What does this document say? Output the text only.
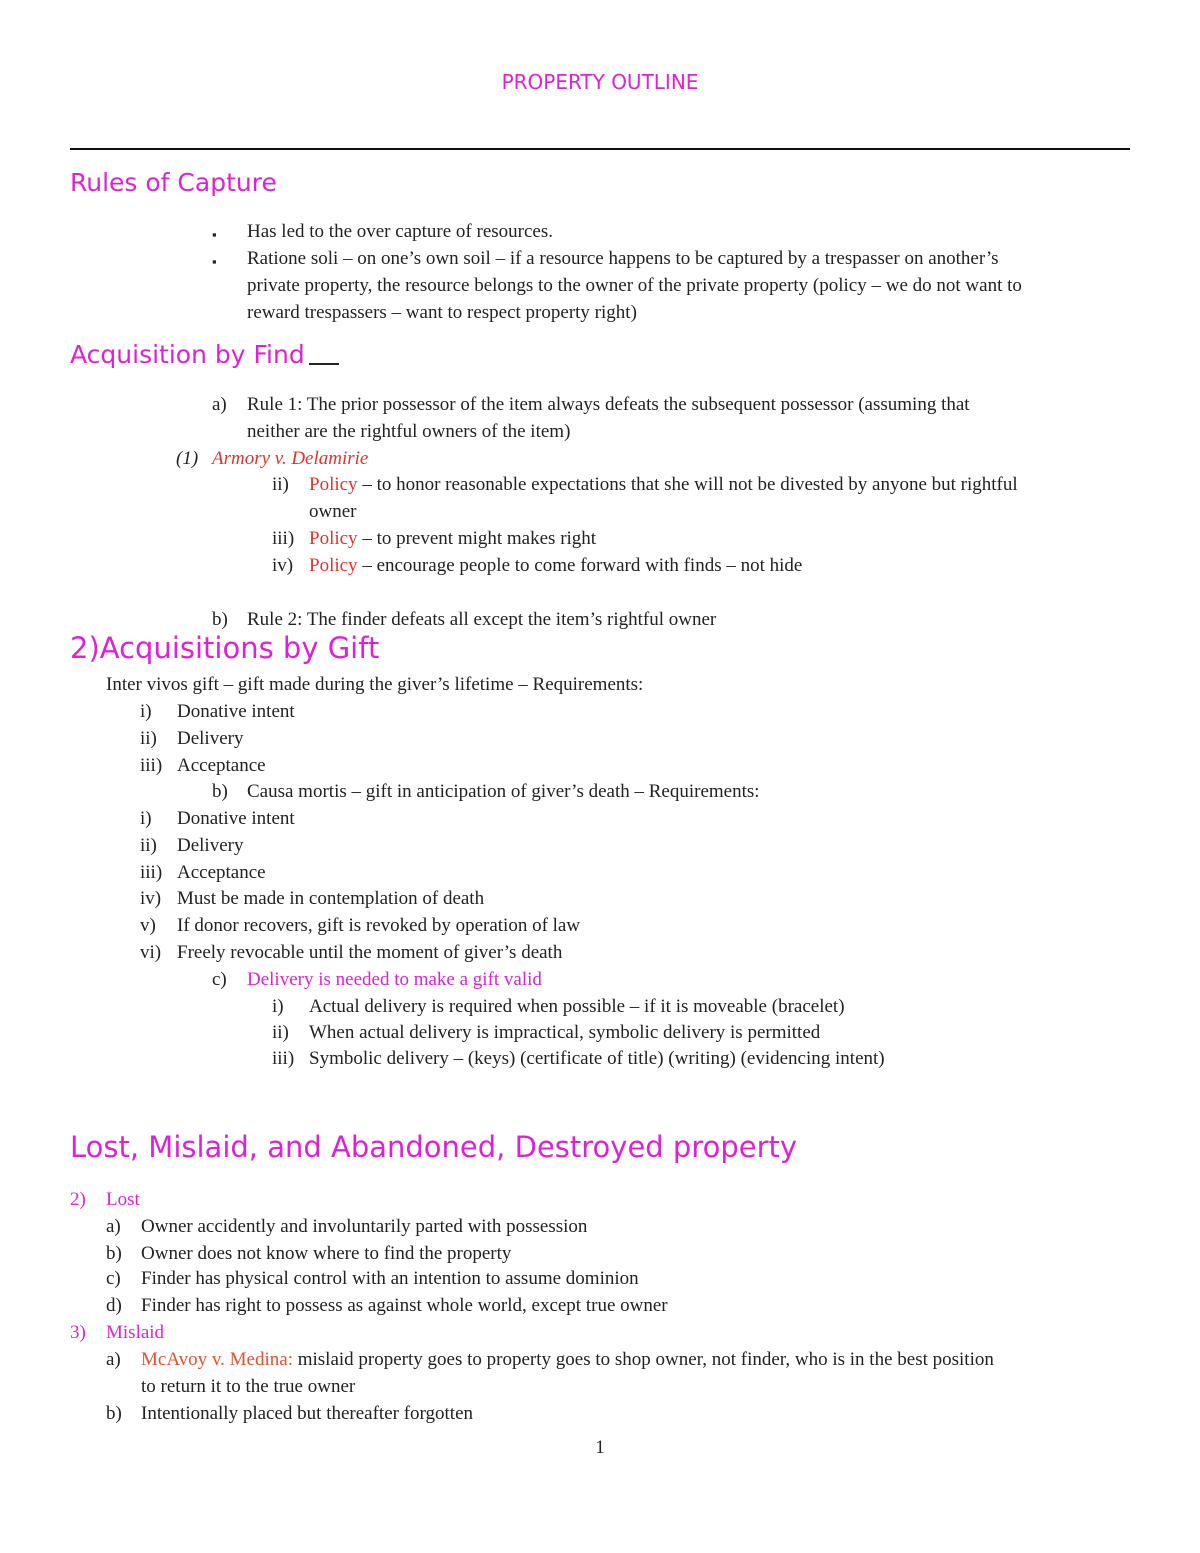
PROPERTY OUTLINE
Rules of Capture
▪ Has led to the over capture of resources.
▪ Ratione soli – on one’s own soil – if a resource happens to be captured by a trespasser on another’s
private property, the resource belongs to the owner of the private property (policy – we do not want to
reward trespassers – want to respect property right)
Acquisition by Find
a) Rule 1: The prior possessor of the item always defeats the subsequent possessor (assuming that
neither are the rightful owners of the item)
(1) Armory v. Delamirie
ii) Policy – to honor reasonable expectations that she will not be divested by anyone but rightful
owner
iii) Policy – to prevent might makes right
iv) Policy – encourage people to come forward with finds – not hide
b) Rule 2: The finder defeats all except the item’s rightful owner
2)Acquisitions by Gift
Inter vivos gift – gift made during the giver’s lifetime – Requirements:
i) Donative intent
ii) Delivery
iii) Acceptance
b) Causa mortis – gift in anticipation of giver’s death – Requirements:
i) Donative intent
ii) Delivery
iii) Acceptance
iv) Must be made in contemplation of death
v) If donor recovers, gift is revoked by operation of law
vi) Freely revocable until the moment of giver’s death
c) Delivery is needed to make a gift valid
i) Actual delivery is required when possible – if it is moveable (bracelet)
ii) When actual delivery is impractical, symbolic delivery is permitted
iii) Symbolic delivery – (keys) (certificate of title) (writing) (evidencing intent)
Lost, Mislaid, and Abandoned, Destroyed property
2) Lost
a) Owner accidently and involuntarily parted with possession
b) Owner does not know where to find the property
c) Finder has physical control with an intention to assume dominion
d) Finder has right to possess as against whole world, except true owner
3) Mislaid
a) McAvoy v. Medina: mislaid property goes to property goes to shop owner, not finder, who is in the best position
to return it to the true owner
b) Intentionally placed but thereafter forgotten
1
